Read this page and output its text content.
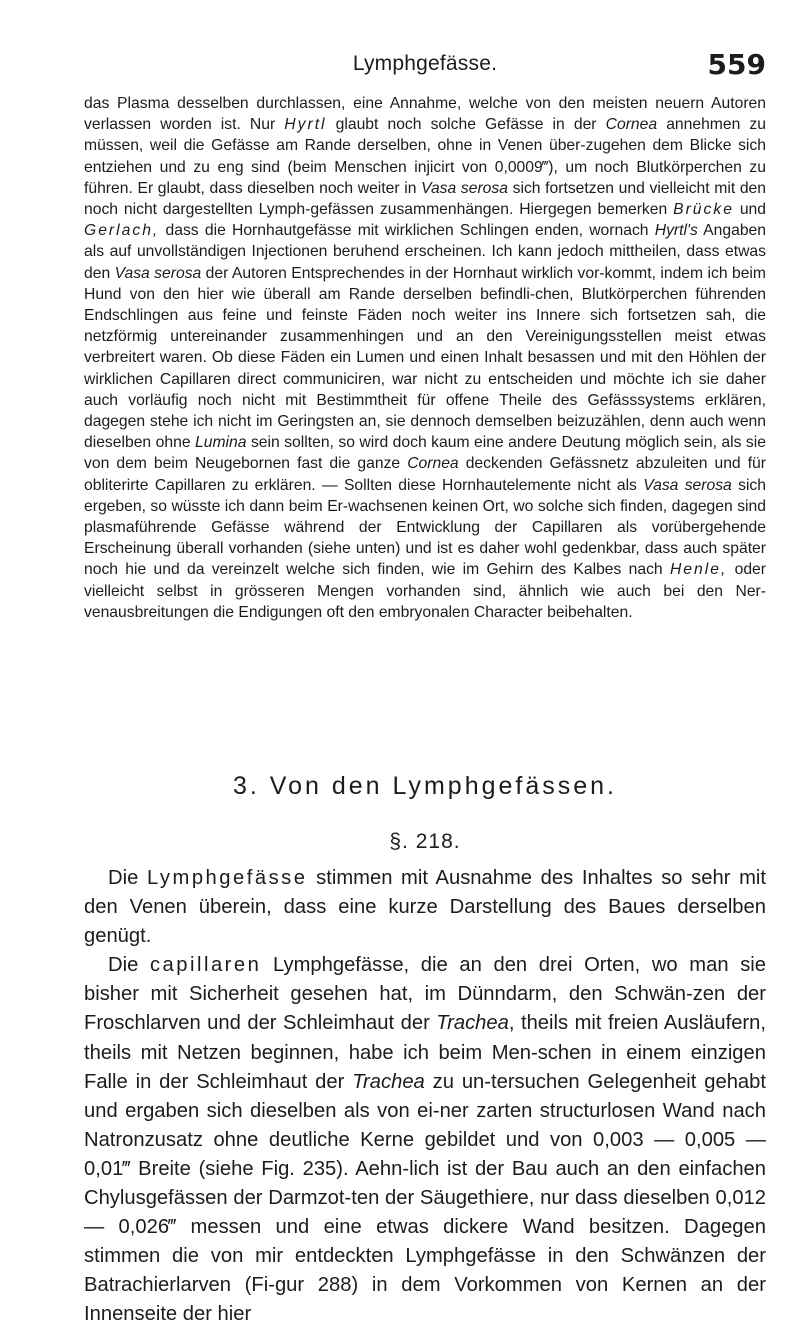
Lymphgefässe.	559

das Plasma desselben durchlassen, eine Annahme, welche von den meisten neuern Autoren verlassen worden ist. Nur Hyrtl glaubt noch solche Gefässe in der Cornea annehmen zu müssen, weil die Gefässe am Rande derselben, ohne in Venen über-zugehen dem Blicke sich entziehen und zu eng sind (beim Menschen injicirt von 0,0009‴), um noch Blutkörperchen zu führen. Er glaubt, dass dieselben noch weiter in Vasa serosa sich fortsetzen und vielleicht mit den noch nicht dargestellten Lymph-gefässen zusammenhängen. Hiergegen bemerken Brücke und Gerlach, dass die Hornhautgefässe mit wirklichen Schlingen enden, wornach Hyrtl's Angaben als auf unvollständigen Injectionen beruhend erscheinen. Ich kann jedoch mittheilen, dass etwas den Vasa serosa der Autoren Entsprechendes in der Hornhaut wirklich vor-kommt, indem ich beim Hund von den hier wie überall am Rande derselben befindli-chen, Blutkörperchen führenden Endschlingen aus feine und feinste Fäden noch weiter ins Innere sich fortsetzen sah, die netzförmig untereinander zusammenhingen und an den Vereinigungsstellen meist etwas verbreitert waren. Ob diese Fäden ein Lumen und einen Inhalt besassen und mit den Höhlen der wirklichen Capillaren direct communiciren, war nicht zu entscheiden und möchte ich sie daher auch vorläufig noch nicht mit Bestimmtheit für offene Theile des Gefässsystems erklären, dagegen stehe ich nicht im Geringsten an, sie dennoch demselben beizuzählen, denn auch wenn dieselben ohne Lumina sein sollten, so wird doch kaum eine andere Deutung möglich sein, als sie von dem beim Neugebornen fast die ganze Cornea deckenden Gefässnetz abzuleiten und für obliterirte Capillaren zu erklären. — Sollten diese Hornhautelemente nicht als Vasa serosa sich ergeben, so wüsste ich dann beim Er-wachsenen keinen Ort, wo solche sich finden, dagegen sind plasmaführende Gefässe während der Entwicklung der Capillaren als vorübergehende Erscheinung überall vorhanden (siehe unten) und ist es daher wohl gedenkbar, dass auch später noch hie und da vereinzelt welche sich finden, wie im Gehirn des Kalbes nach Henle, oder vielleicht selbst in grösseren Mengen vorhanden sind, ähnlich wie auch bei den Ner-venausbreitungen die Endigungen oft den embryonalen Character beibehalten.

3. Von den Lymphgefässen.
§. 218.

Die Lymphgefässe stimmen mit Ausnahme des Inhaltes so sehr mit den Venen überein, dass eine kurze Darstellung des Baues derselben genügt.

Die capillaren Lymphgefässe, die an den drei Orten, wo man sie bisher mit Sicherheit gesehen hat, im Dünndarm, den Schwän-zen der Froschlarven und der Schleimhaut der Trachea, theils mit freien Ausläufern, theils mit Netzen beginnen, habe ich beim Men-schen in einem einzigen Falle in der Schleimhaut der Trachea zu un-tersuchen Gelegenheit gehabt und ergaben sich dieselben als von ei-ner zarten structurlosen Wand nach Natronzusatz ohne deutliche Kerne gebildet und von 0,003 — 0,005 — 0,01‴ Breite (siehe Fig. 235). Aehn-lich ist der Bau auch an den einfachen Chylusgefässen der Darmzot-ten der Säugethiere, nur dass dieselben 0,012 — 0,026‴ messen und eine etwas dickere Wand besitzen. Dagegen stimmen die von mir entdeckten Lymphgefässe in den Schwänzen der Batrachierlarven (Fi-gur 288) in dem Vorkommen von Kernen an der Innenseite der hier
